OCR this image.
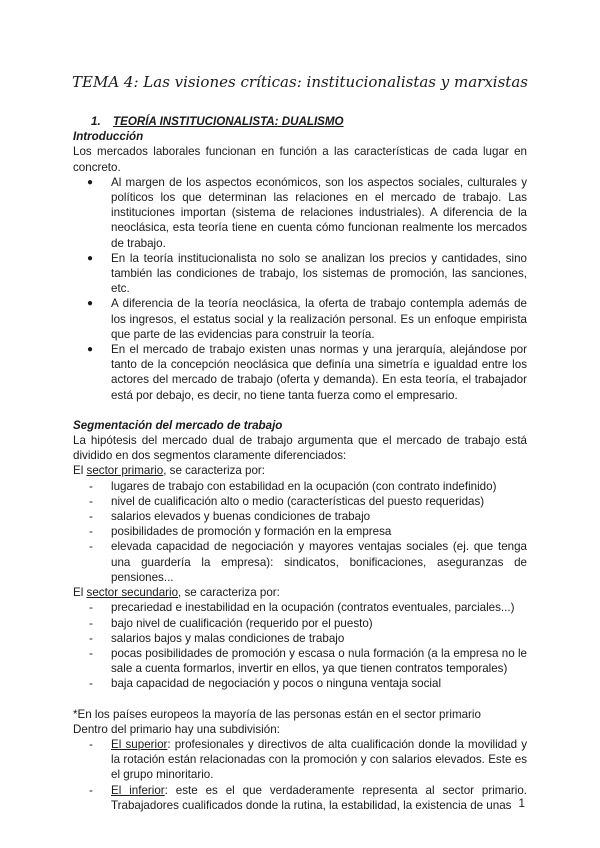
TEMA 4: Las visiones críticas: institucionalistas y marxistas
1. TEORÍA INSTITUCIONALISTA: DUALISMO
Introducción

Los mercados laborales funcionan en función a las características de cada lugar en concreto.

● Al margen de los aspectos económicos, son los aspectos sociales, culturales y políticos los que determinan las relaciones en el mercado de trabajo. Las instituciones importan (sistema de relaciones industriales). A diferencia de la neoclásica, esta teoría tiene en cuenta cómo funcionan realmente los mercados de trabajo.
● En la teoría institucionalista no solo se analizan los precios y cantidades, sino también las condiciones de trabajo, los sistemas de promoción, las sanciones, etc.
● A diferencia de la teoría neoclásica, la oferta de trabajo contempla además de los ingresos, el estatus social y la realización personal. Es un enfoque empirista que parte de las evidencias para construir la teoría.
● En el mercado de trabajo existen unas normas y una jerarquía, alejándose por tanto de la concepción neoclásica que definía una simetría e igualdad entre los actores del mercado de trabajo (oferta y demanda). En esta teoría, el trabajador está por debajo, es decir, no tiene tanta fuerza como el empresario.
Segmentación del mercado de trabajo

La hipótesis del mercado dual de trabajo argumenta que el mercado de trabajo está dividido en dos segmentos claramente diferenciados:

El sector primario, se caracteriza por:

- lugares de trabajo con estabilidad en la ocupación (con contrato indefinido)
- nivel de cualificación alto o medio (características del puesto requeridas)
- salarios elevados y buenas condiciones de trabajo
- posibilidades de promoción y formación en la empresa
- elevada capacidad de negociación y mayores ventajas sociales (ej. que tenga una guardería la empresa): sindicatos, bonificaciones, aseguranzas de pensiones...

El sector secundario, se caracteriza por:

- precariedad e inestabilidad en la ocupación (contratos eventuales, parciales...)
- bajo nivel de cualificación (requerido por el puesto)
- salarios bajos y malas condiciones de trabajo
- pocas posibilidades de promoción y escasa o nula formación (a la empresa no le sale a cuenta formarlos, invertir en ellos, ya que tienen contratos temporales)
- baja capacidad de negociación y pocos o ninguna ventaja social

*En los países europeos la mayoría de las personas están en el sector primario

Dentro del primario hay una subdivisión:

- El superior: profesionales y directivos de alta cualificación donde la movilidad y la rotación están relacionadas con la promoción y con salarios elevados. Este es el grupo minoritario.
- El inferior: este es el que verdaderamente representa al sector primario. Trabajadores cualificados donde la rutina, la estabilidad, la existencia de unas 1
